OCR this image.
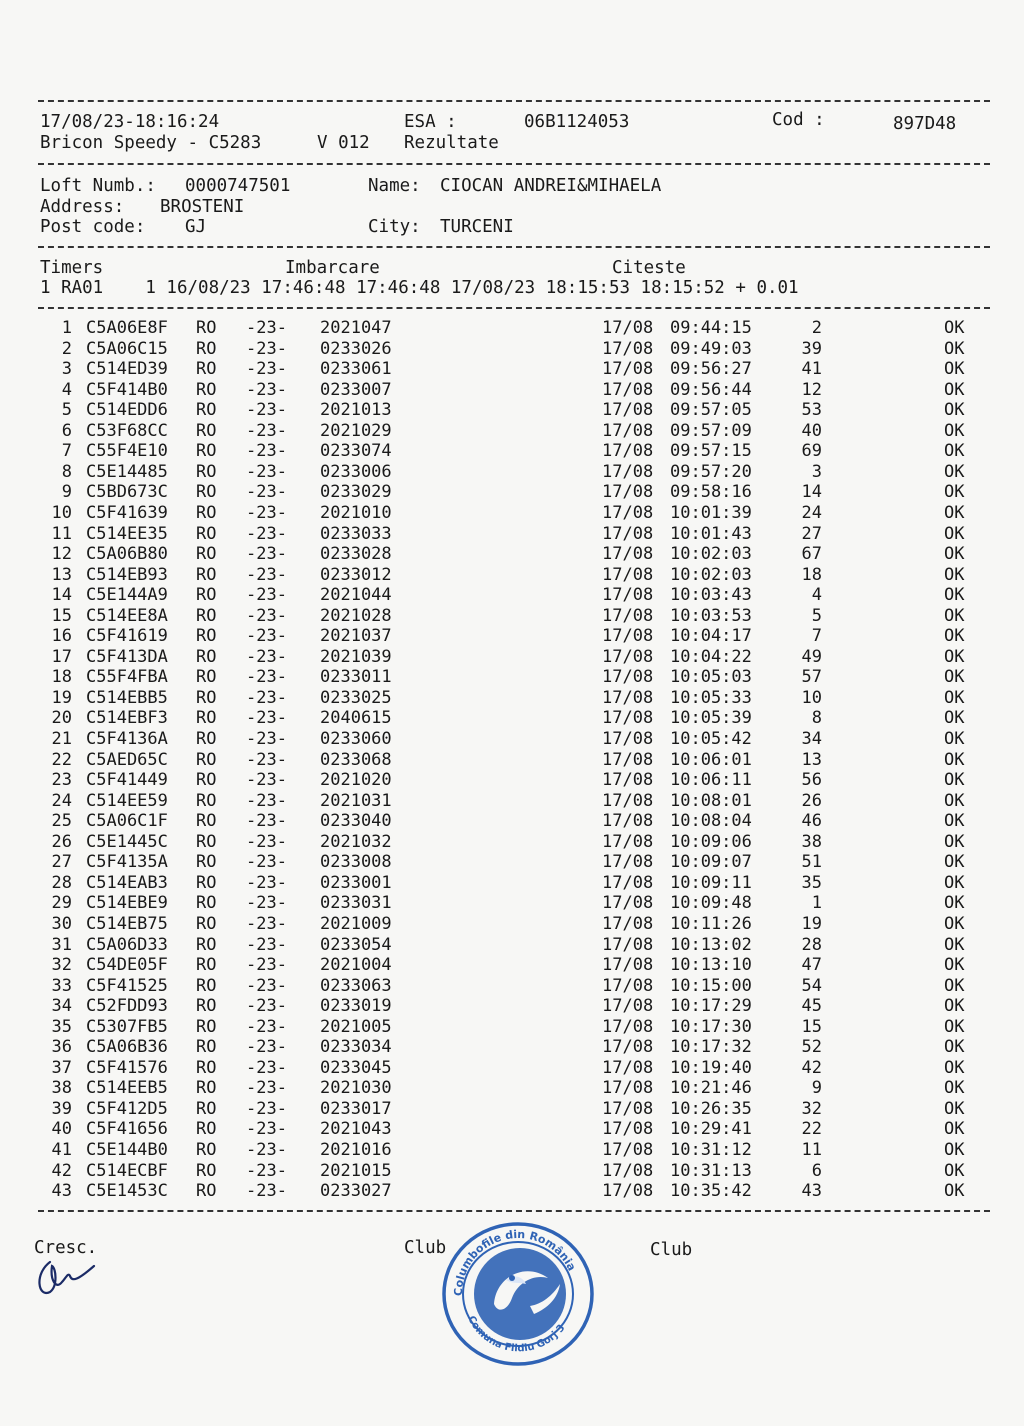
17/08/23-18:16:24	ESA :	06B1124053	Cod :	897D48
Bricon Speedy - C5283	V 012 Rezultate
Loft Numb.: 0000747501	Name: CIOCAN ANDREI&MIHAELA
Address: BROSTENI
Post code: GJ	City: TURCENI
Timers	Imbarcare	Citeste
1 RA01    1 16/08/23 17:46:48 17:46:48 17/08/23 18:15:53 18:15:52 + 0.01
1 C5A06E8F RO -23- 2021047	17/08 09:44:15	2	OK
2 C5A06C15 RO -23- 0233026	17/08 09:49:03	39	OK
3 C514ED39 RO -23- 0233061	17/08 09:56:27	41	OK
4 C5F414B0 RO -23- 0233007	17/08 09:56:44	12	OK
5 C514EDD6 RO -23- 2021013	17/08 09:57:05	53	OK
6 C53F68CC RO -23- 2021029	17/08 09:57:09	40	OK
7 C55F4E10 RO -23- 0233074	17/08 09:57:15	69	OK
8 C5E14485 RO -23- 0233006	17/08 09:57:20	3	OK
9 C5BD673C RO -23- 0233029	17/08 09:58:16	14	OK
10 C5F41639 RO -23- 2021010	17/08 10:01:39	24	OK
11 C514EE35 RO -23- 0233033	17/08 10:01:43	27	OK
12 C5A06B80 RO -23- 0233028	17/08 10:02:03	67	OK
13 C514EB93 RO -23- 0233012	17/08 10:02:03	18	OK
14 C5E144A9 RO -23- 2021044	17/08 10:03:43	4	OK
15 C514EE8A RO -23- 2021028	17/08 10:03:53	5	OK
16 C5F41619 RO -23- 2021037	17/08 10:04:17	7	OK
17 C5F413DA RO -23- 2021039	17/08 10:04:22	49	OK
18 C55F4FBA RO -23- 0233011	17/08 10:05:03	57	OK
19 C514EBB5 RO -23- 0233025	17/08 10:05:33	10	OK
20 C514EBF3 RO -23- 2040615	17/08 10:05:39	8	OK
21 C5F4136A RO -23- 0233060	17/08 10:05:42	34	OK
22 C5AED65C RO -23- 0233068	17/08 10:06:01	13	OK
23 C5F41449 RO -23- 2021020	17/08 10:06:11	56	OK
24 C514EE59 RO -23- 2021031	17/08 10:08:01	26	OK
25 C5A06C1F RO -23- 0233040	17/08 10:08:04	46	OK
26 C5E1445C RO -23- 2021032	17/08 10:09:06	38	OK
27 C5F4135A RO -23- 0233008	17/08 10:09:07	51	OK
28 C514EAB3 RO -23- 0233001	17/08 10:09:11	35	OK
29 C514EBE9 RO -23- 0233031	17/08 10:09:48	1	OK
30 C514EB75 RO -23- 2021009	17/08 10:11:26	19	OK
31 C5A06D33 RO -23- 0233054	17/08 10:13:02	28	OK
32 C54DE05F RO -23- 2021004	17/08 10:13:10	47	OK
33 C5F41525 RO -23- 0233063	17/08 10:15:00	54	OK
34 C52FDD93 RO -23- 0233019	17/08 10:17:29	45	OK
35 C5307FB5 RO -23- 2021005	17/08 10:17:30	15	OK
36 C5A06B36 RO -23- 0233034	17/08 10:17:32	52	OK
37 C5F41576 RO -23- 0233045	17/08 10:19:40	42	OK
38 C514EEB5 RO -23- 2021030	17/08 10:21:46	9	OK
39 C5F412D5 RO -23- 0233017	17/08 10:26:35	32	OK
40 C5F41656 RO -23- 2021043	17/08 10:29:41	22	OK
41 C5E144B0 RO -23- 2021016	17/08 10:31:12	11	OK
42 C514ECBF RO -23- 2021015	17/08 10:31:13	6	OK
43 C5E1453C RO -23- 0233027	17/08 10:35:42	43	OK
Cresc.	Club	Club
Columbofile din România
Comuna Fildiu Gorj 3
